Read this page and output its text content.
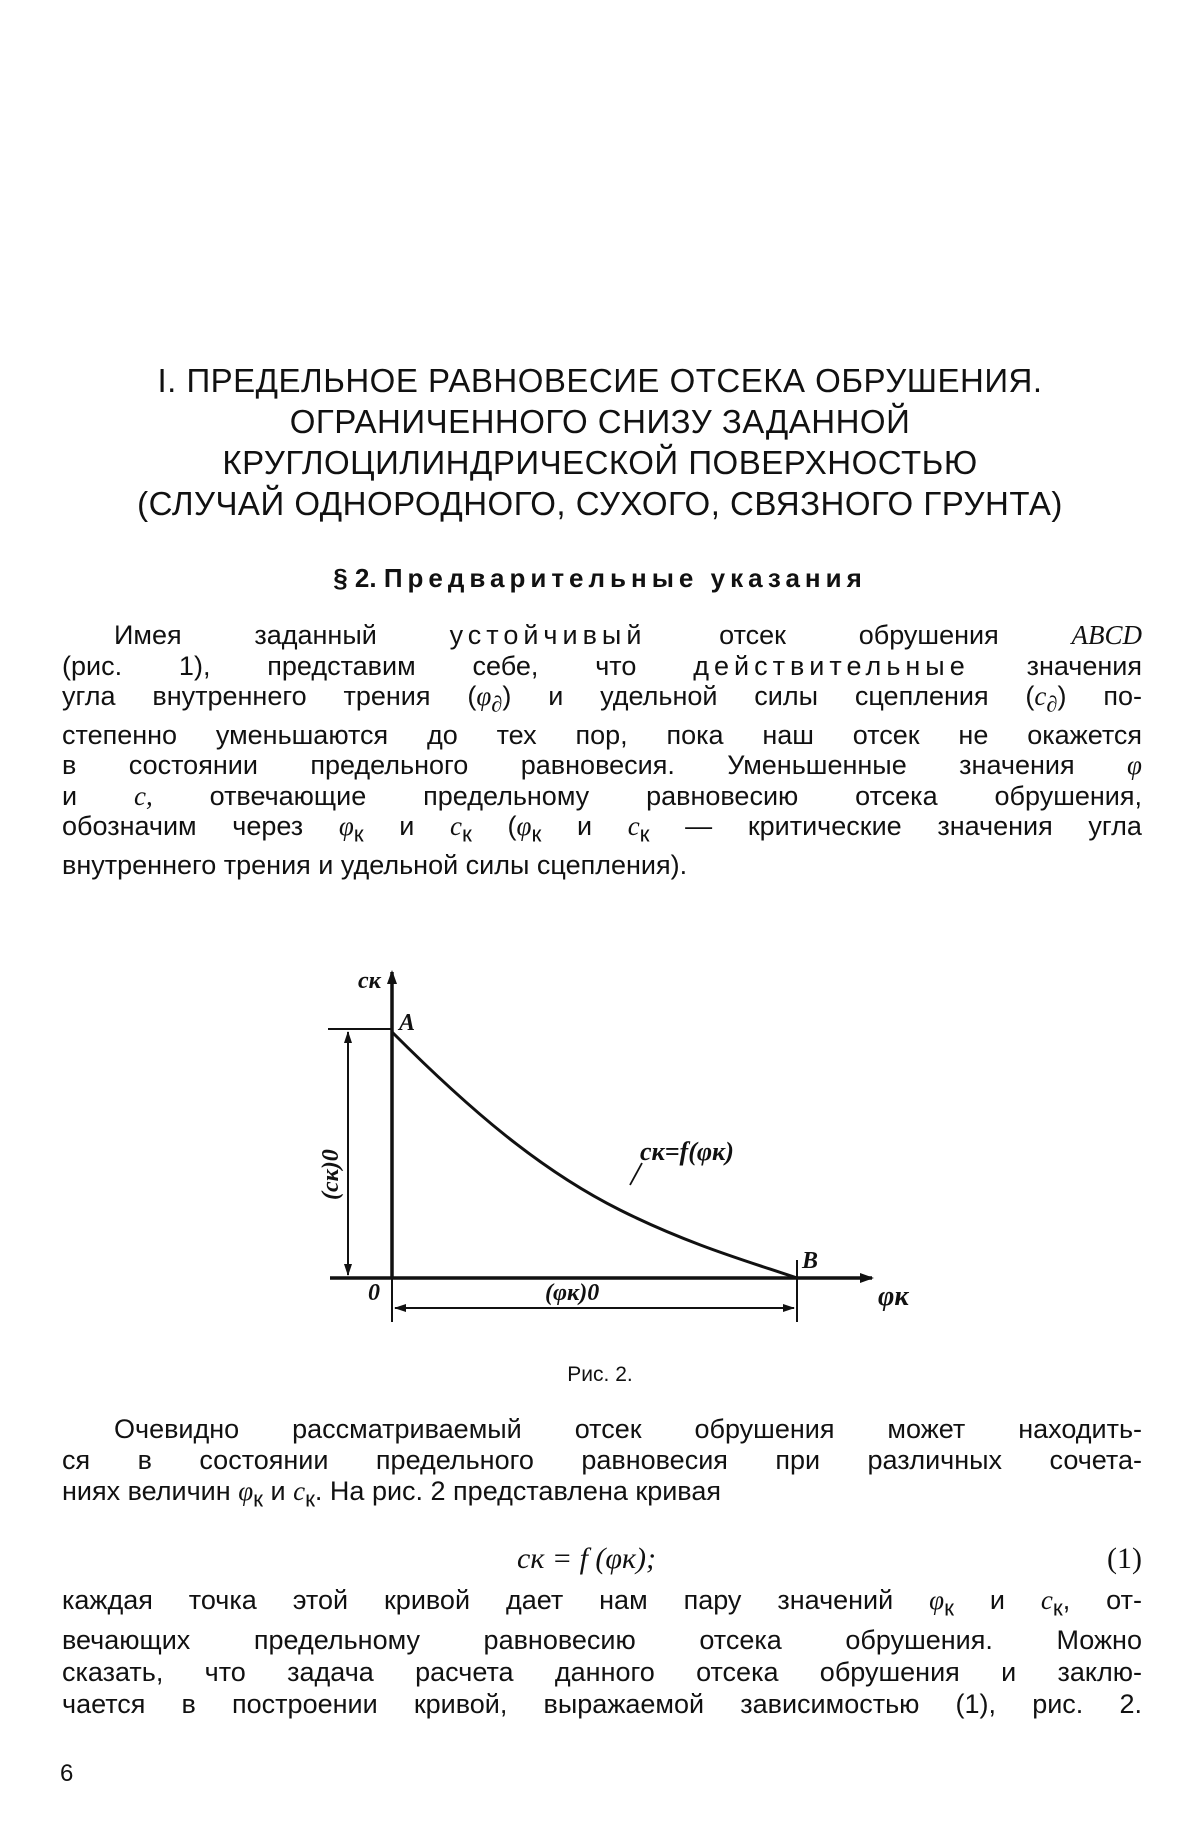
I. ПРЕДЕЛЬНОЕ РАВНОВЕСИЕ ОТСЕКА ОБРУШЕНИЯ.
ОГРАНИЧЕННОГО СНИЗУ ЗАДАННОЙ
КРУГЛОЦИЛИНДРИЧЕСКОЙ ПОВЕРХНОСТЬЮ
(СЛУЧАЙ ОДНОРОДНОГО, СУХОГО, СВЯЗНОГО ГРУНТА)
§ 2. Предварительные указания
Имея заданный	устойчивый	отсек обрушения	ABCD
(рис. 1), представим себе, что действительные значения
угла внутреннего трения $(\varphi_\partial)$ и удельной силы сцепления $(c_\partial)$ по-
степенно уменьшаются до тех пор, пока наш отсек не окажется
в состоянии предельного равновесия. Уменьшенные значения φ
и c, отвечающие предельному равновесию отсека обрушения,
обозначим через $\varphi_к$ и $c_к$ ($\varphi_к$ и $c_к$ — критические значения угла
внутреннего трения и удельной силы сцепления).
cк
A
B
0	φк
cк=f(φк)
(φк)0
(cк)0
Рис. 2.
Очевидно рассматриваемый отсек обрушения может находить-
ся в состоянии предельного равновесия при различных сочета-
ниях величин $\varphi_к$ и $c_к$. На рис. 2 представлена кривая
cк = f (φк);	(1)
каждая точка этой кривой дает нам пару значений $\varphi_к$ и $c_к$, от-
вечающих предельному равновесию отсека обрушения. Можно
сказать, что задача расчета данного отсека обрушения и заклю-
чается в построении кривой, выражаемой зависимостью (1), рис. 2.
6
